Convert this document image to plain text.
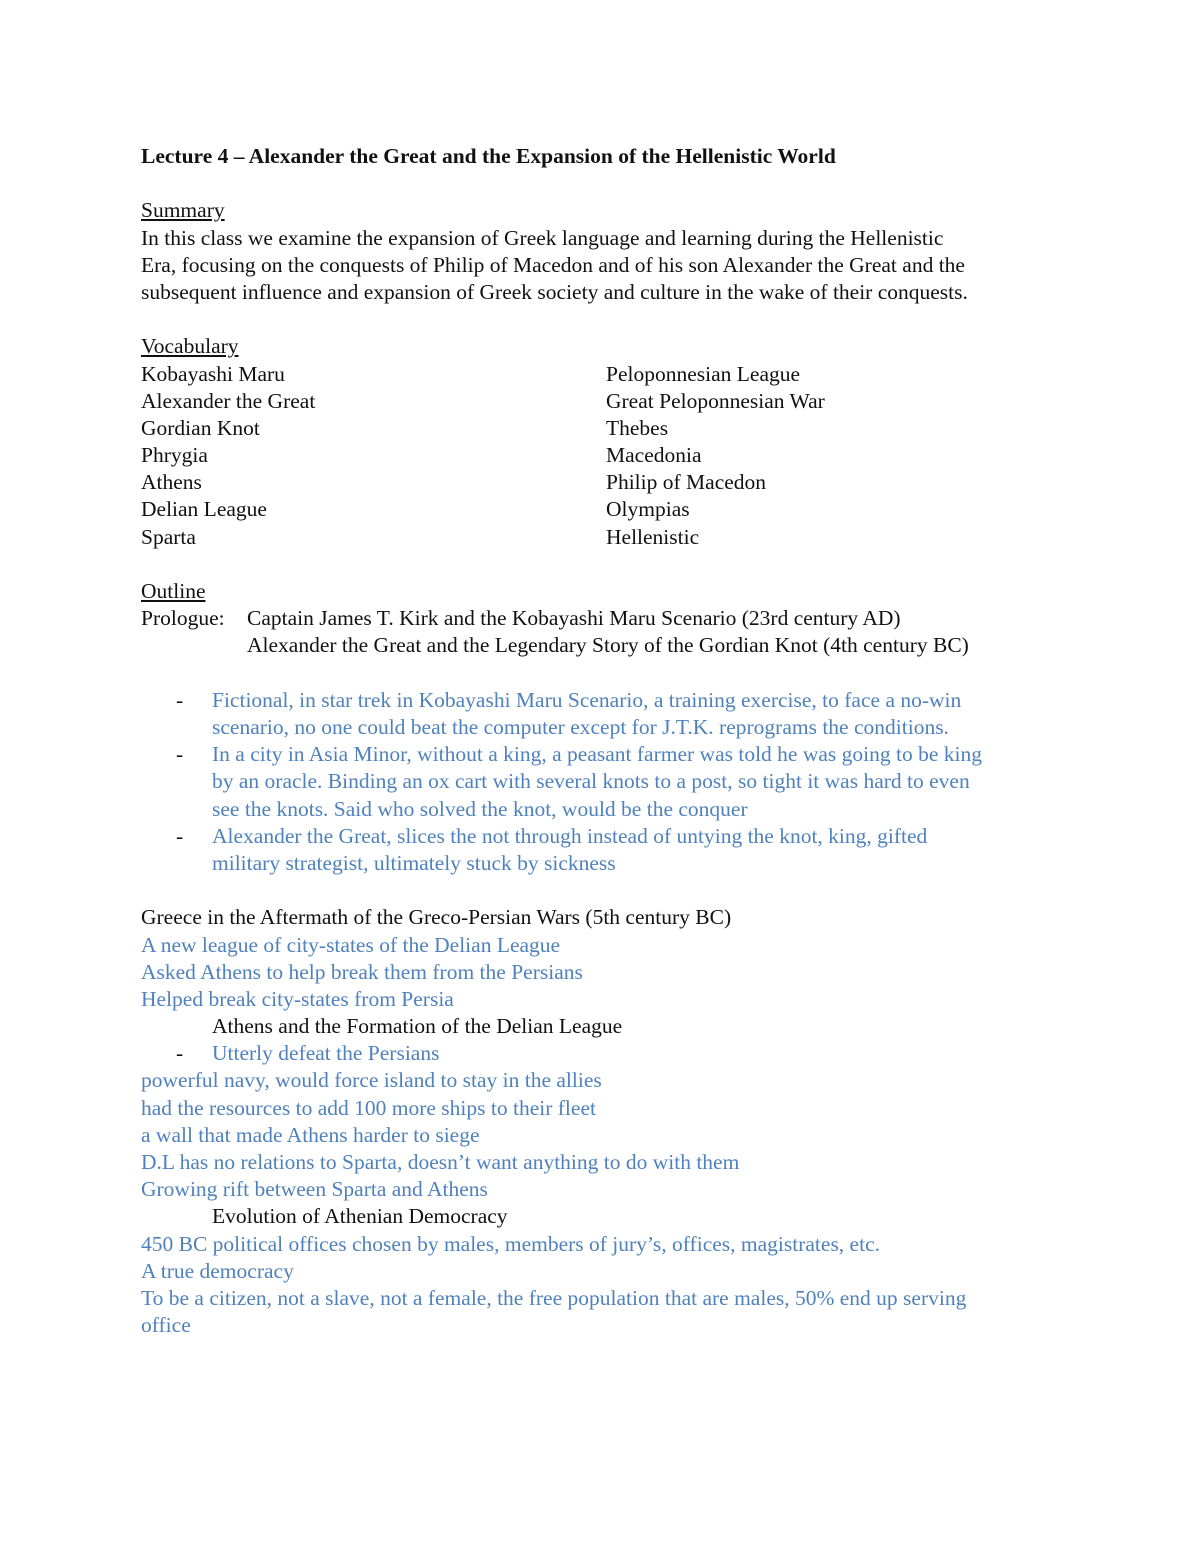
Lecture 4 – Alexander the Great and the Expansion of the Hellenistic World
Summary
In this class we examine the expansion of Greek language and learning during the Hellenistic
Era, focusing on the conquests of Philip of Macedon and of his son Alexander the Great and the
subsequent influence and expansion of Greek society and culture in the wake of their conquests.
Vocabulary
Kobayashi Maru
Alexander the Great
Gordian Knot
Phrygia
Athens
Delian League
Sparta
Peloponnesian League
Great Peloponnesian War
Thebes
Macedonia
Philip of Macedon
Olympias
Hellenistic
Outline
Prologue:	Captain James T. Kirk and the Kobayashi Maru Scenario (23rd century AD)
Alexander the Great and the Legendary Story of the Gordian Knot (4th century BC)
- Fictional, in star trek in Kobayashi Maru Scenario, a training exercise, to face a no-win
scenario, no one could beat the computer except for J.T.K. reprograms the conditions.
- In a city in Asia Minor, without a king, a peasant farmer was told he was going to be king
by an oracle. Binding an ox cart with several knots to a post, so tight it was hard to even
see the knots. Said who solved the knot, would be the conquer
- Alexander the Great, slices the not through instead of untying the knot, king, gifted
military strategist, ultimately stuck by sickness
Greece in the Aftermath of the Greco-Persian Wars (5th century BC)
A new league of city-states of the Delian League
Asked Athens to help break them from the Persians
Helped break city-states from Persia
Athens and the Formation of the Delian League
- Utterly defeat the Persians
powerful navy, would force island to stay in the allies
had the resources to add 100 more ships to their fleet
a wall that made Athens harder to siege
D.L has no relations to Sparta, doesn’t want anything to do with them
Growing rift between Sparta and Athens
Evolution of Athenian Democracy
450 BC political offices chosen by males, members of jury’s, offices, magistrates, etc.
A true democracy
To be a citizen, not a slave, not a female, the free population that are males, 50% end up serving
office
